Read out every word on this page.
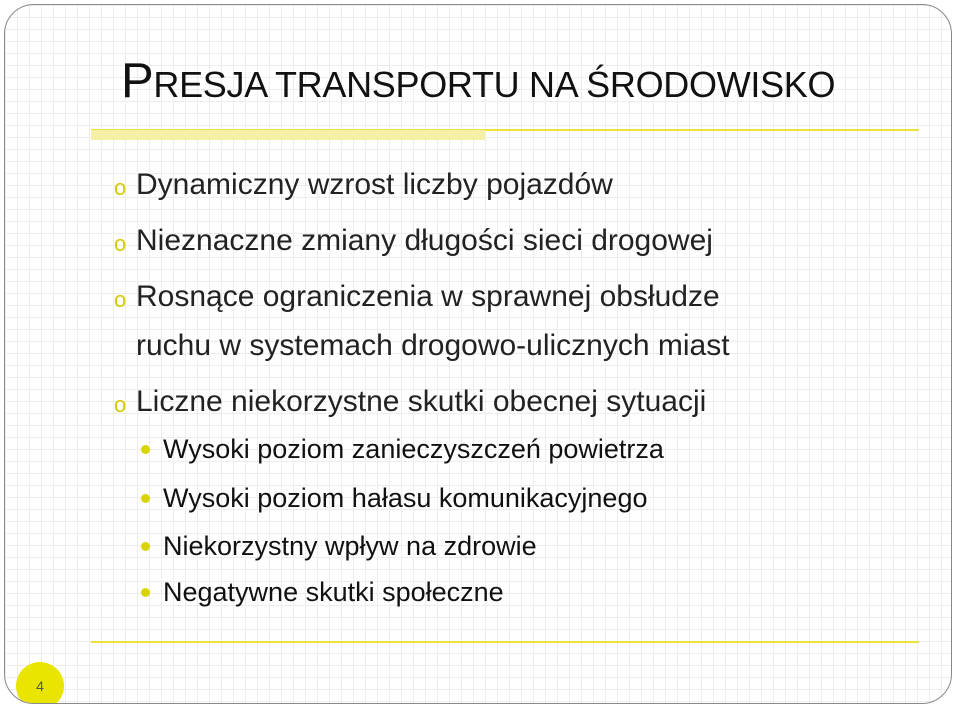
PRESJA TRANSPORTU NA ŚRODOWISKO
o Dynamiczny wzrost liczby pojazdów
o Nieznaczne zmiany długości sieci drogowej
o Rosnące ograniczenia w sprawnej obsłudze
ruchu w systemach drogowo-ulicznych miast
o Liczne niekorzystne skutki obecnej sytuacji
Wysoki poziom zanieczyszczeń powietrza
Wysoki poziom hałasu komunikacyjnego
Niekorzystny wpływ na zdrowie
Negatywne skutki społeczne
4
